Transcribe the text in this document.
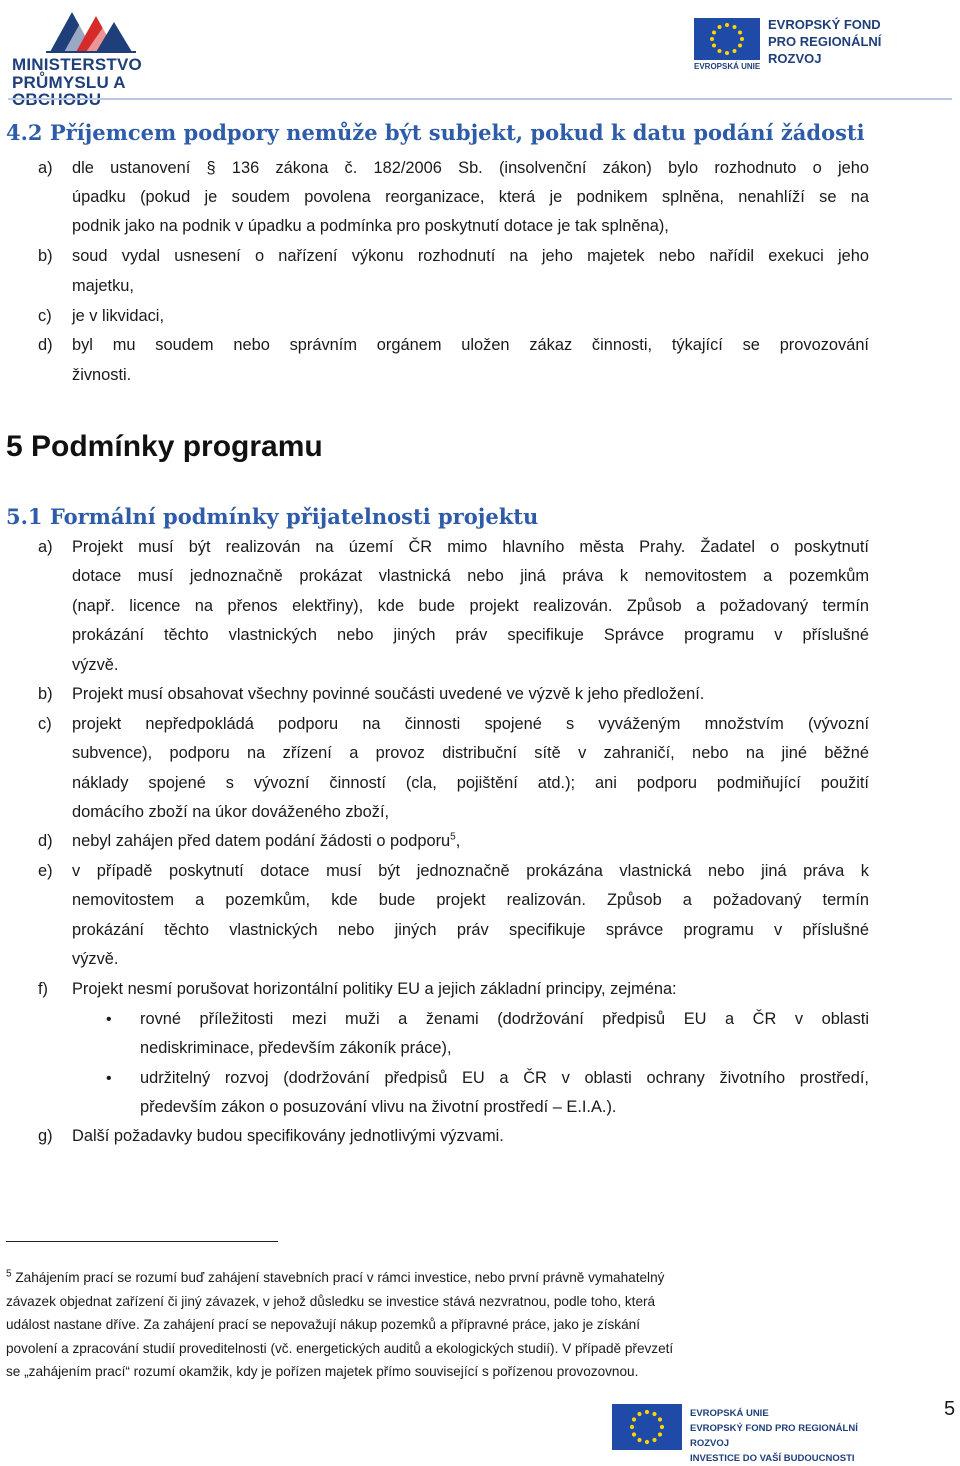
MINISTERSTVO
PRŮMYSLU A
EVROPSKÁ UNIE
EVROPSKÝ FOND
PRO REGIONÁLNÍ
ROZVOJ
4.2 Příjemcem podpory nemůže být subjekt, pokud k datu podání žádosti
a) dle ustanovení § 136 zákona č. 182/2006 Sb. (insolvenční zákon) bylo rozhodnuto o jeho
úpadku (pokud je soudem povolena reorganizace, která je podnikem splněna, nenahlíží se na
podnik jako na podnik v úpadku a podmínka pro poskytnutí dotace je tak splněna),
b) soud vydal usnesení o nařízení výkonu rozhodnutí na jeho majetek nebo nařídil exekuci jeho
majetku,
c) je v likvidaci,
d) byl mu soudem nebo správním orgánem uložen zákaz činnosti, týkající se provozování
živnosti.
5 Podmínky programu
5.1 Formální podmínky přijatelnosti projektu
a) Projekt musí být realizován na území ČR mimo hlavního města Prahy. Žadatel o poskytnutí
dotace musí jednoznačně prokázat vlastnická nebo jiná práva k nemovitostem a pozemkům
(např. licence na přenos elektřiny), kde bude projekt realizován. Způsob a požadovaný termín
prokázání těchto vlastnických nebo jiných práv specifikuje Správce programu v příslušné
výzvě.
b) Projekt musí obsahovat všechny povinné součásti uvedené ve výzvě k jeho předložení.
c) projekt nepředpokládá podporu na činnosti spojené s vyváženým množstvím (vývozní
subvence), podporu na zřízení a provoz distribuční sítě v zahraničí, nebo na jiné běžné
náklady spojené s vývozní činností (cla, pojištění atd.); ani podporu podmiňující použití
domácího zboží na úkor dováženého zboží,
d) nebyl zahájen před datem podání žádosti o podporu$^5$,
e) v případě poskytnutí dotace musí být jednoznačně prokázána vlastnická nebo jiná práva k
nemovitostem a pozemkům, kde bude projekt realizován. Způsob a požadovaný termín
prokázání těchto vlastnických nebo jiných práv specifikuje správce programu v příslušné
výzvě.
f) Projekt nesmí porušovat horizontální politiky EU a jejich základní principy, zejména:
• rovné příležitosti mezi muži a ženami (dodržování předpisů EU a ČR v oblasti
nediskriminace, především zákoník práce),
• udržitelný rozvoj (dodržování předpisů EU a ČR v oblasti ochrany životního prostředí,
především zákon o posuzování vlivu na životní prostředí – E.I.A.).
g) Další požadavky budou specifikovány jednotlivými výzvami.
$^5$ Zahájením prací se rozumí buď zahájení stavebních prací v rámci investice, nebo první právně vymahatelný
závazek objednat zařízení či jiný závazek, v jehož důsledku se investice stává nezvratnou, podle toho, která
událost nastane dříve. Za zahájení prací se nepovažují nákup pozemků a přípravné práce, jako je získání
povolení a zpracování studií proveditelnosti (vč. energetických auditů a ekologických studií). V případě převzetí
se „zahájením prací“ rozumí okamžik, kdy je pořízen majetek přímo související s pořízenou provozovnou.
EVROPSKÁ UNIE
EVROPSKÝ FOND PRO REGIONÁLNÍ ROZVOJ
INVESTICE DO VAŠÍ BUDOUCNOSTI
5
